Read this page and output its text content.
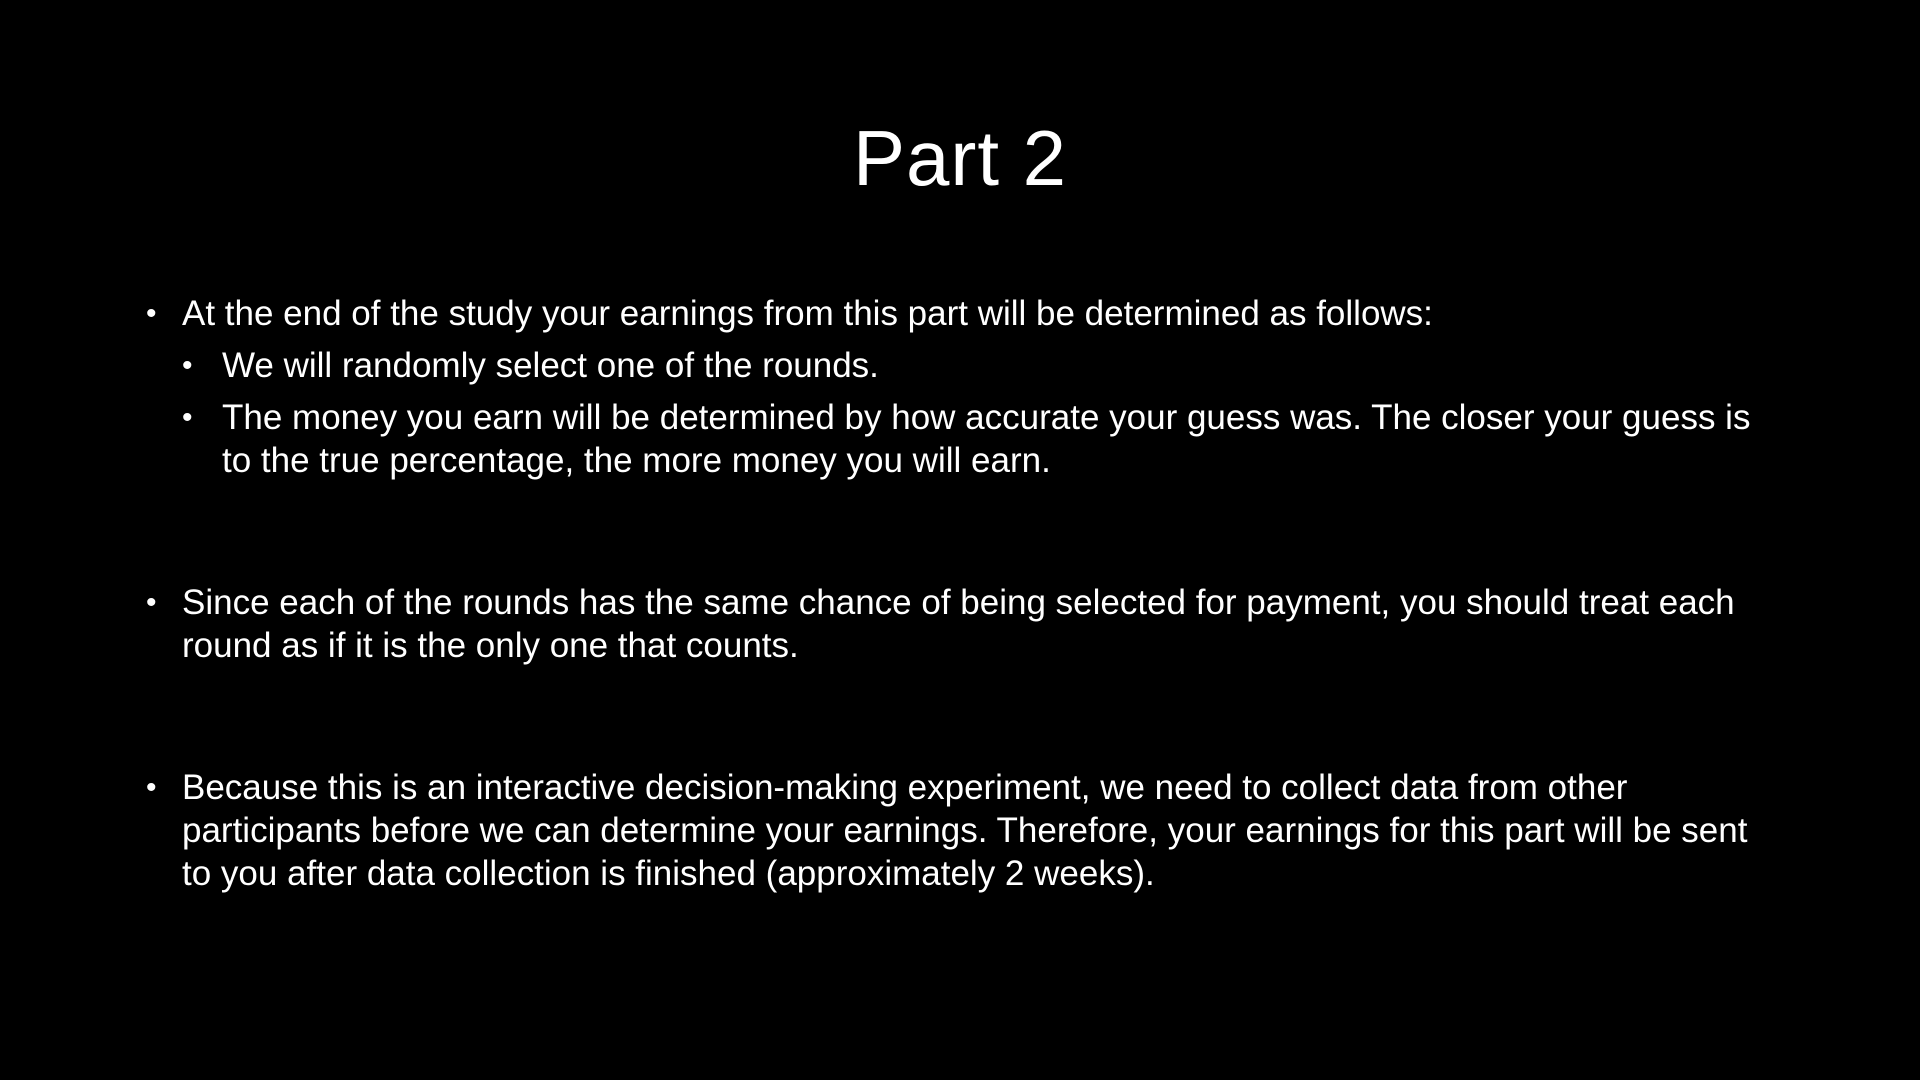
Part 2
• At the end of the study your earnings from this part will be determined as follows:
• We will randomly select one of the rounds.
• The money you earn will be determined by how accurate your guess was. The closer your guess is to the true percentage, the more money you will earn.
• Since each of the rounds has the same chance of being selected for payment, you should treat each round as if it is the only one that counts.
• Because this is an interactive decision-making experiment, we need to collect data from other participants before we can determine your earnings. Therefore, your earnings for this part will be sent to you after data collection is finished (approximately 2 weeks).
